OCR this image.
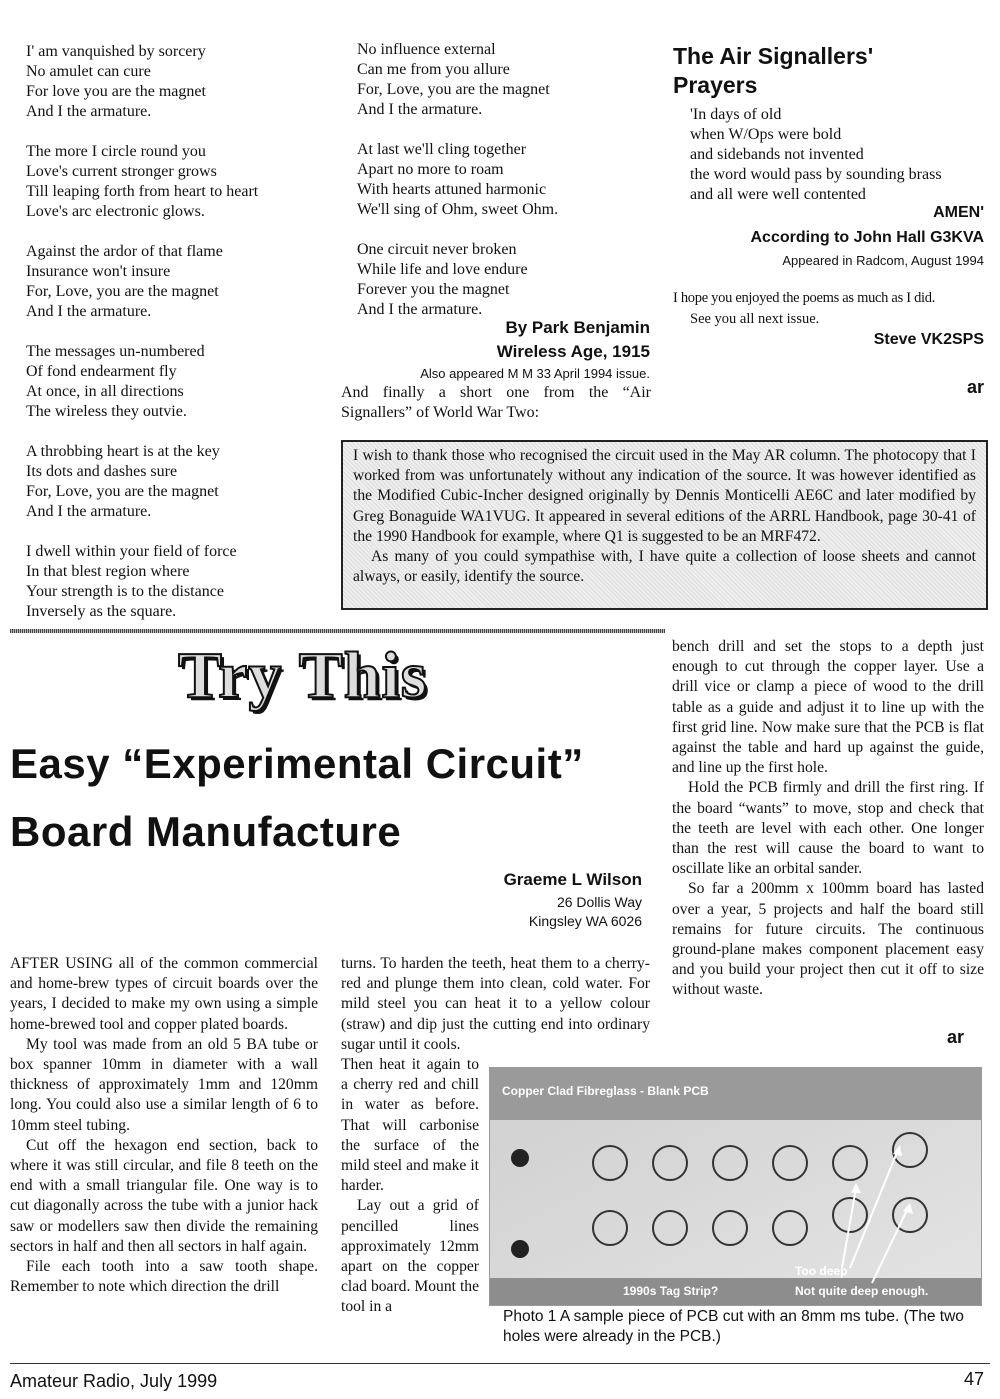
I' am vanquished by sorcery
No amulet can cure
For love you are the magnet
And I the armature.
The more I circle round you
Love's current stronger grows
Till leaping forth from heart to heart
Love's arc electronic glows.
Against the ardor of that flame
Insurance won't insure
For, Love, you are the magnet
And I the armature.
The messages un-numbered
Of fond endearment fly
At once, in all directions
The wireless they outvie.
A throbbing heart is at the key
Its dots and dashes sure
For, Love, you are the magnet
And I the armature.
I dwell within your field of force
In that blest region where
Your strength is to the distance
Inversely as the square.
No influence external
Can me from you allure
For, Love, you are the magnet
And I the armature.
At last we'll cling together
Apart no more to roam
With hearts attuned harmonic
We'll sing of Ohm, sweet Ohm.
One circuit never broken
While life and love endure
Forever you the magnet
And I the armature.
By Park Benjamin
Wireless Age, 1915
Also appeared M M 33 April 1994 issue.
And finally a short one from the “Air Signallers” of World War Two:
The Air Signallers'
Prayers
'In days of old
when W/Ops were bold
and sidebands not invented
the word would pass by sounding brass
and all were well contented
AMEN'
According to John Hall G3KVA
Appeared in Radcom, August 1994
I hope you enjoyed the poems as much as I did.
See you all next issue.
Steve VK2SPS
ar

I wish to thank those who recognised the circuit used in the May AR column. The photocopy that I worked from was unfortunately without any indication of the source. It was however identified as the Modified Cubic-Incher designed originally by Dennis Monticelli AE6C and later modified by Greg Bonaguide WA1VUG. It appeared in several editions of the ARRL Handbook, page 30-41 of the 1990 Handbook for example, where Q1 is suggested to be an MRF472.

As many of you could sympathise with, I have quite a collection of loose sheets and cannot always, or easily, identify the source.

Try This
Easy “Experimental Circuit”
Board Manufacture
Graeme L Wilson
26 Dollis Way
Kingsley WA 6026

AFTER USING all of the common commercial and home-brew types of circuit boards over the years, I decided to make my own using a simple home-brewed tool and copper plated boards.

My tool was made from an old 5 BA tube or box spanner 10mm in diameter with a wall thickness of approximately 1mm and 120mm long. You could also use a similar length of 6 to 10mm steel tubing.

Cut off the hexagon end section, back to where it was still circular, and file 8 teeth on the end with a small triangular file. One way is to cut diagonally across the tube with a junior hack saw or modellers saw then divide the remaining sectors in half and then all sectors in half again.

File each tooth into a saw tooth shape. Remember to note which direction the drill

turns. To harden the teeth, heat them to a cherry-red and plunge them into clean, cold water. For mild steel you can heat it to a yellow colour (straw) and dip just the cutting end into ordinary sugar until it cools.

Then heat it again to a cherry red and chill in water as before. That will carbonise the surface of the mild steel and make it harder.

Lay out a grid of pencilled lines approximately 12mm apart on the copper clad board. Mount the tool in a

bench drill and set the stops to a depth just enough to cut through the copper layer. Use a drill vice or clamp a piece of wood to the drill table as a guide and adjust it to line up with the first grid line. Now make sure that the PCB is flat against the table and hard up against the guide, and line up the first hole.

Hold the PCB firmly and drill the first ring. If the board “wants” to move, stop and check that the teeth are level with each other. One longer than the rest will cause the board to want to oscillate like an orbital sander.

So far a 200mm x 100mm board has lasted over a year, 5 projects and half the board still remains for future circuits. The continuous ground-plane makes component placement easy and you build your project then cut it off to size without waste.

ar
Copper Clad Fibreglass - Blank PCB
1990s Tag Strip?
Too deep
Not quite deep enough.
Photo 1 A sample piece of PCB cut with an 8mm ms tube. (The two holes were already in the PCB.)
Amateur Radio, July 1999	47
